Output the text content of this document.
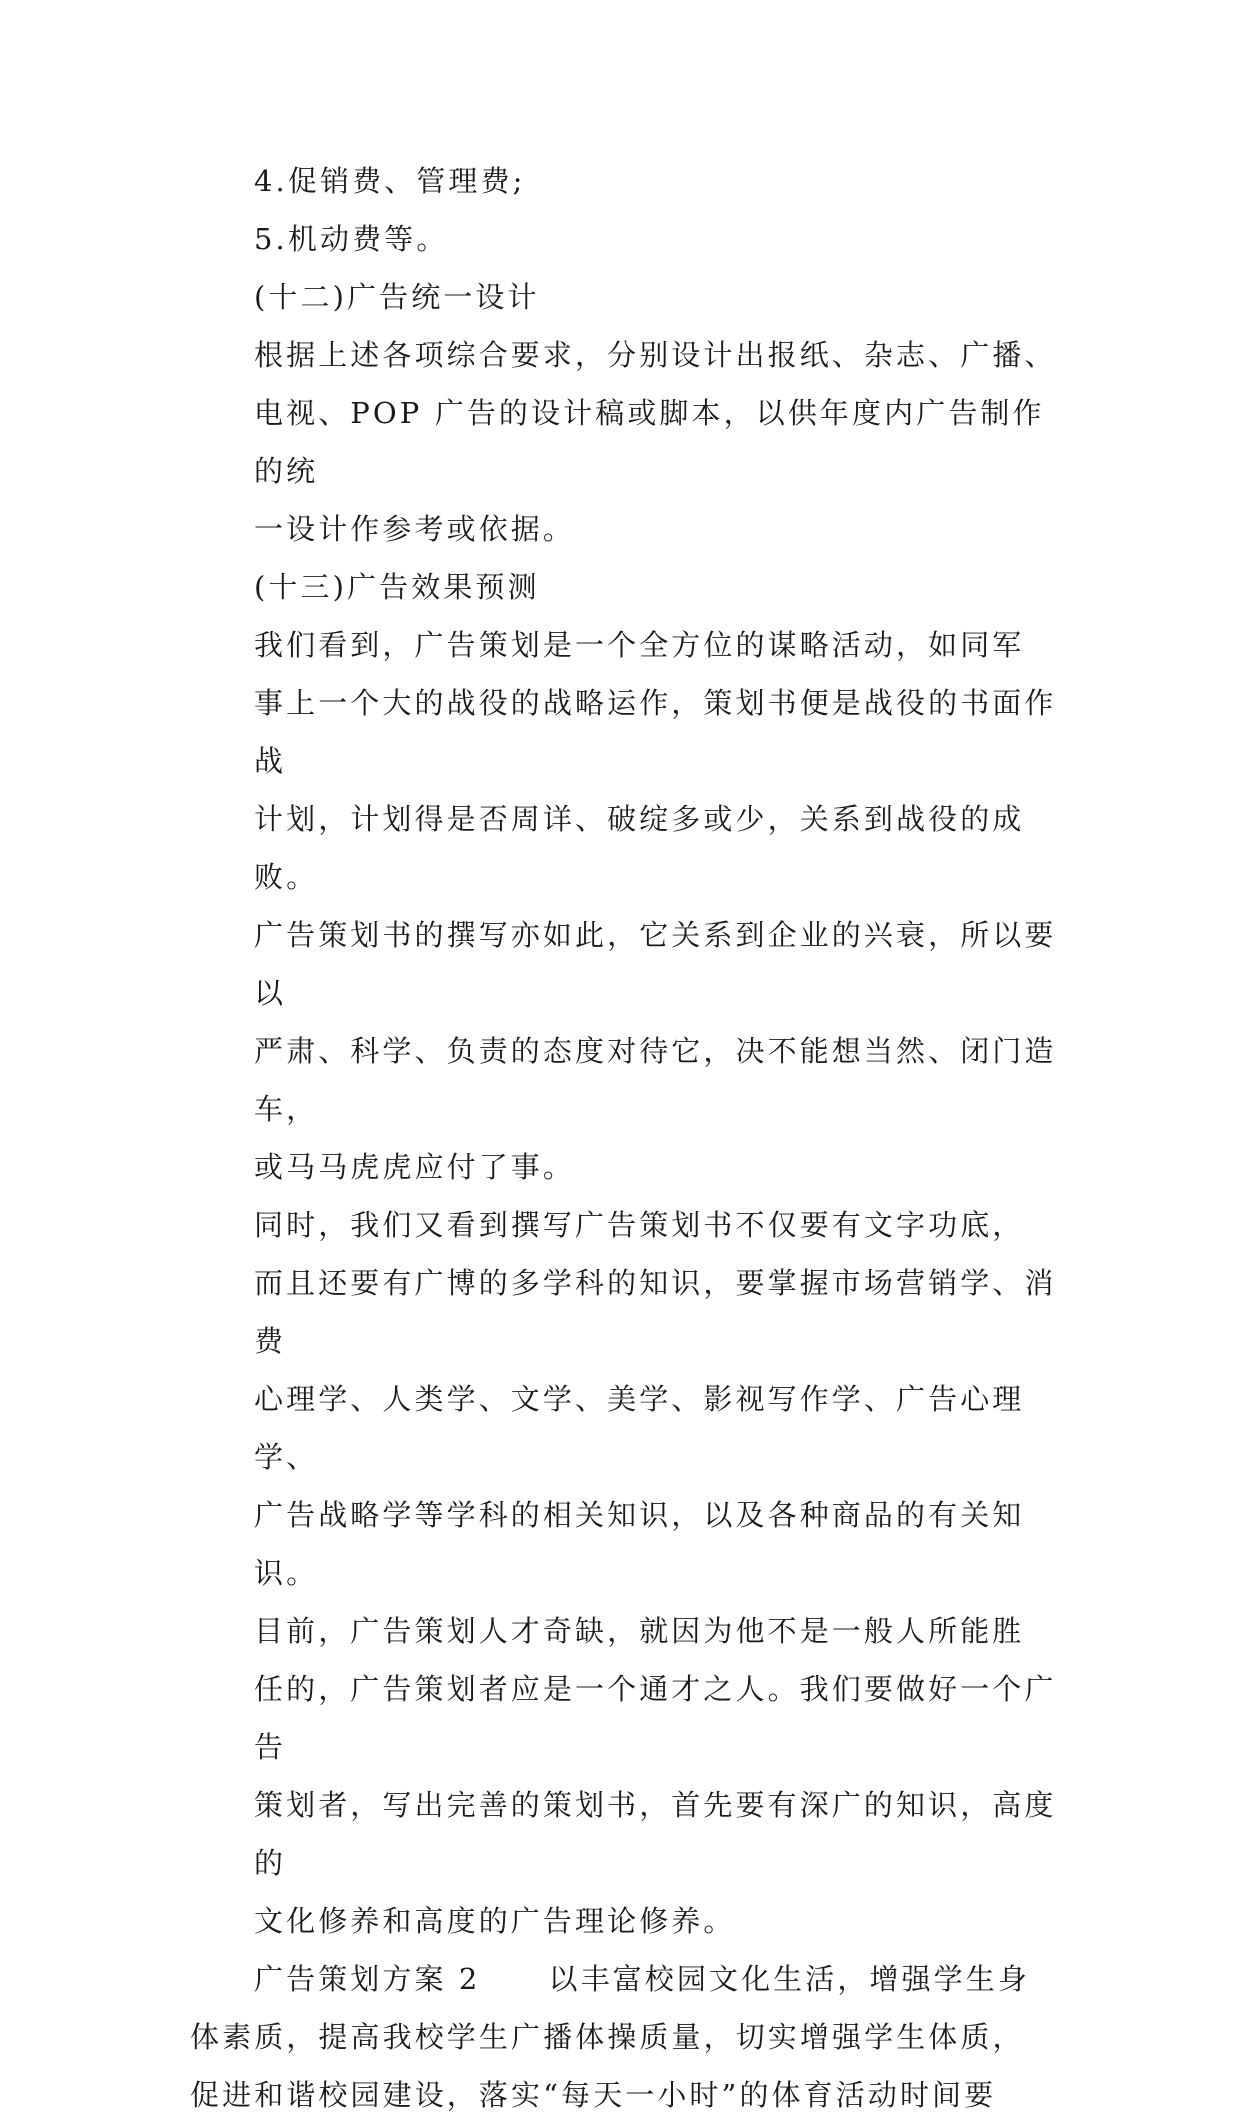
4.促销费、管理费;

5.机动费等。

(十二)广告统一设计

根据上述各项综合要求，分别设计出报纸、杂志、广播、
电视、POP 广告的设计稿或脚本，以供年度内广告制作的统
一设计作参考或依据。

(十三)广告效果预测

我们看到，广告策划是一个全方位的谋略活动，如同军
事上一个大的战役的战略运作，策划书便是战役的书面作战
计划，计划得是否周详、破绽多或少，关系到战役的成败。
广告策划书的撰写亦如此，它关系到企业的兴衰，所以要以
严肃、科学、负责的态度对待它，决不能想当然、闭门造车，
或马马虎虎应付了事。

同时，我们又看到撰写广告策划书不仅要有文字功底，
而且还要有广博的多学科的知识，要掌握市场营销学、消费
心理学、人类学、文学、美学、影视写作学、广告心理学、
广告战略学等学科的相关知识，以及各种商品的有关知识。

目前，广告策划人才奇缺，就因为他不是一般人所能胜
任的，广告策划者应是一个通才之人。我们要做好一个广告
策划者，写出完善的策划书，首先要有深广的知识，高度的
文化修养和高度的广告理论修养。

广告策划方案 2 以丰富校园文化生活，增强学生身

体素质，提高我校学生广播体操质量，切实增强学生体质，
促进和谐校园建设，落实“每天一小时”的体育活动时间要
